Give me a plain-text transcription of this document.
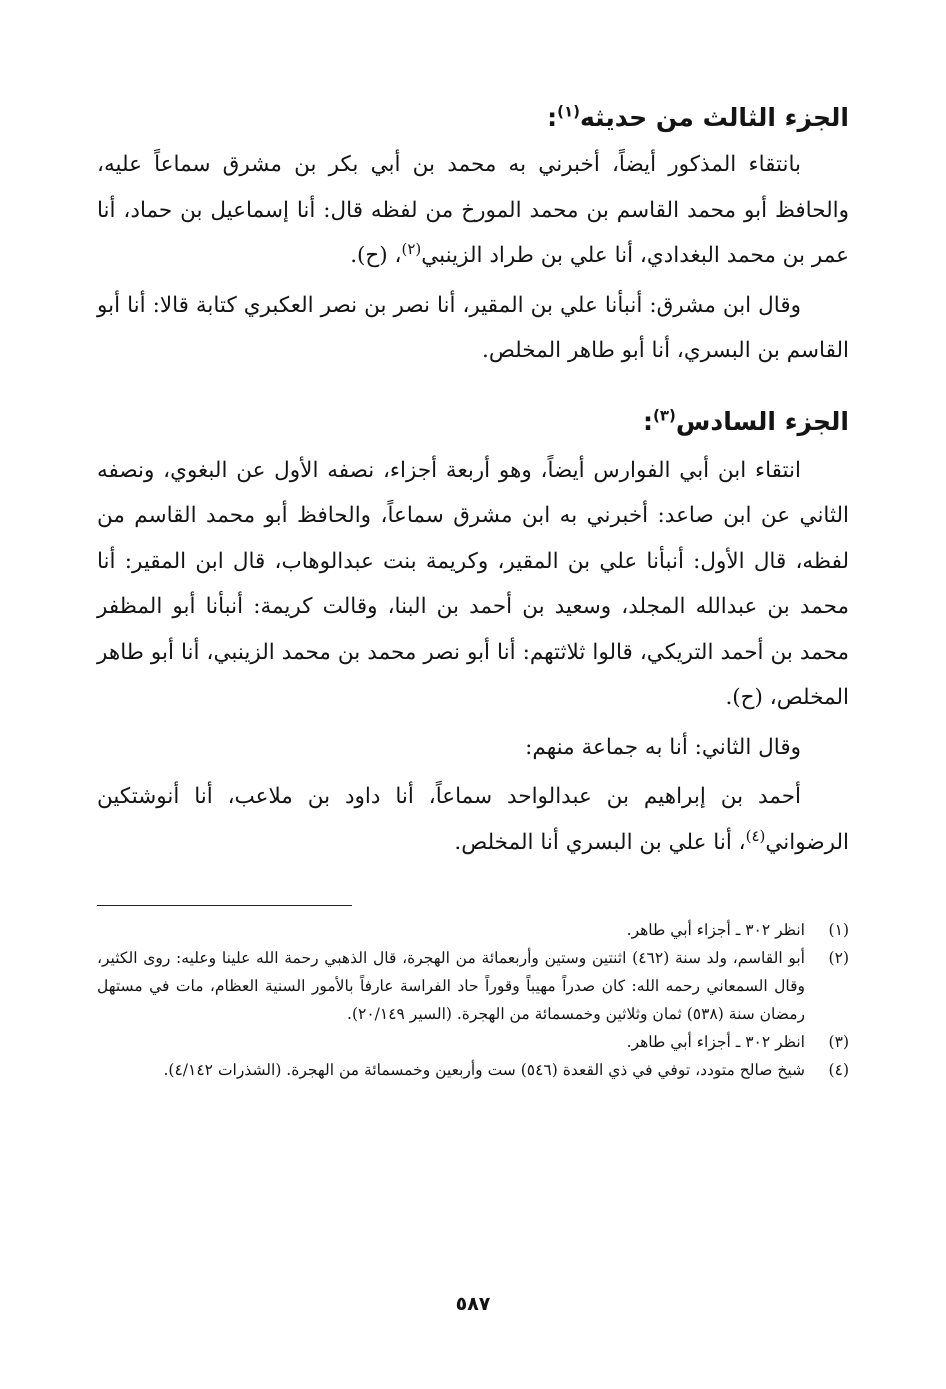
الجزء الثالث من حديثه$^{(١)}$:

بانتقاء المذكور أيضاً، أخبرني به محمد بن أبي بكر بن مشرق سماعاً عليه، والحافظ أبو محمد القاسم بن محمد المورخ من لفظه قال: أنا إسماعيل بن حماد، أنا عمر بن محمد البغدادي، أنا علي بن طراد الزينبي$^{(٢)}$، (ح).

وقال ابن مشرق: أنبأنا علي بن المقير، أنا نصر بن نصر العكبري كتابة قالا: أنا أبو القاسم بن البسري، أنا أبو طاهر المخلص.

الجزء السادس$^{(٣)}$:

انتقاء ابن أبي الفوارس أيضاً، وهو أربعة أجزاء، نصفه الأول عن البغوي، ونصفه الثاني عن ابن صاعد: أخبرني به ابن مشرق سماعاً، والحافظ أبو محمد القاسم من لفظه، قال الأول: أنبأنا علي بن المقير، وكريمة بنت عبدالوهاب، قال ابن المقير: أنا محمد بن عبدالله المجلد، وسعيد بن أحمد بن البنا، وقالت كريمة: أنبأنا أبو المظفر محمد بن أحمد التريكي، قالوا ثلاثتهم: أنا أبو نصر محمد بن محمد الزينبي، أنا أبو طاهر المخلص، (ح).

وقال الثاني: أنا به جماعة منهم:

أحمد بن إبراهيم بن عبدالواحد سماعاً، أنا داود بن ملاعب، أنا أنوشتكين الرضواني$^{(٤)}$، أنا علي بن البسري أنا المخلص.

(١)
انظر ٣٠٢ ـ أجزاء أبي طاهر.
(٢)
أبو القاسم، ولد سنة (٤٦٢) اثنتين وستين وأربعمائة من الهجرة، قال الذهبي رحمة الله علينا وعليه: روى الكثير، وقال السمعاني رحمه الله: كان صدراً مهيباً وقوراً حاد الفراسة عارفاً بالأمور السنية العظام، مات في مستهل رمضان سنة (٥٣٨) ثمان وثلاثين وخمسمائة من الهجرة. (السير ٢٠/١٤٩).
(٣)
انظر ٣٠٢ ـ أجزاء أبي طاهر.
(٤)
شيخ صالح متودد، توفي في ذي القعدة (٥٤٦) ست وأربعين وخمسمائة من الهجرة. (الشذرات ٤/١٤٢).
٥٨٧
